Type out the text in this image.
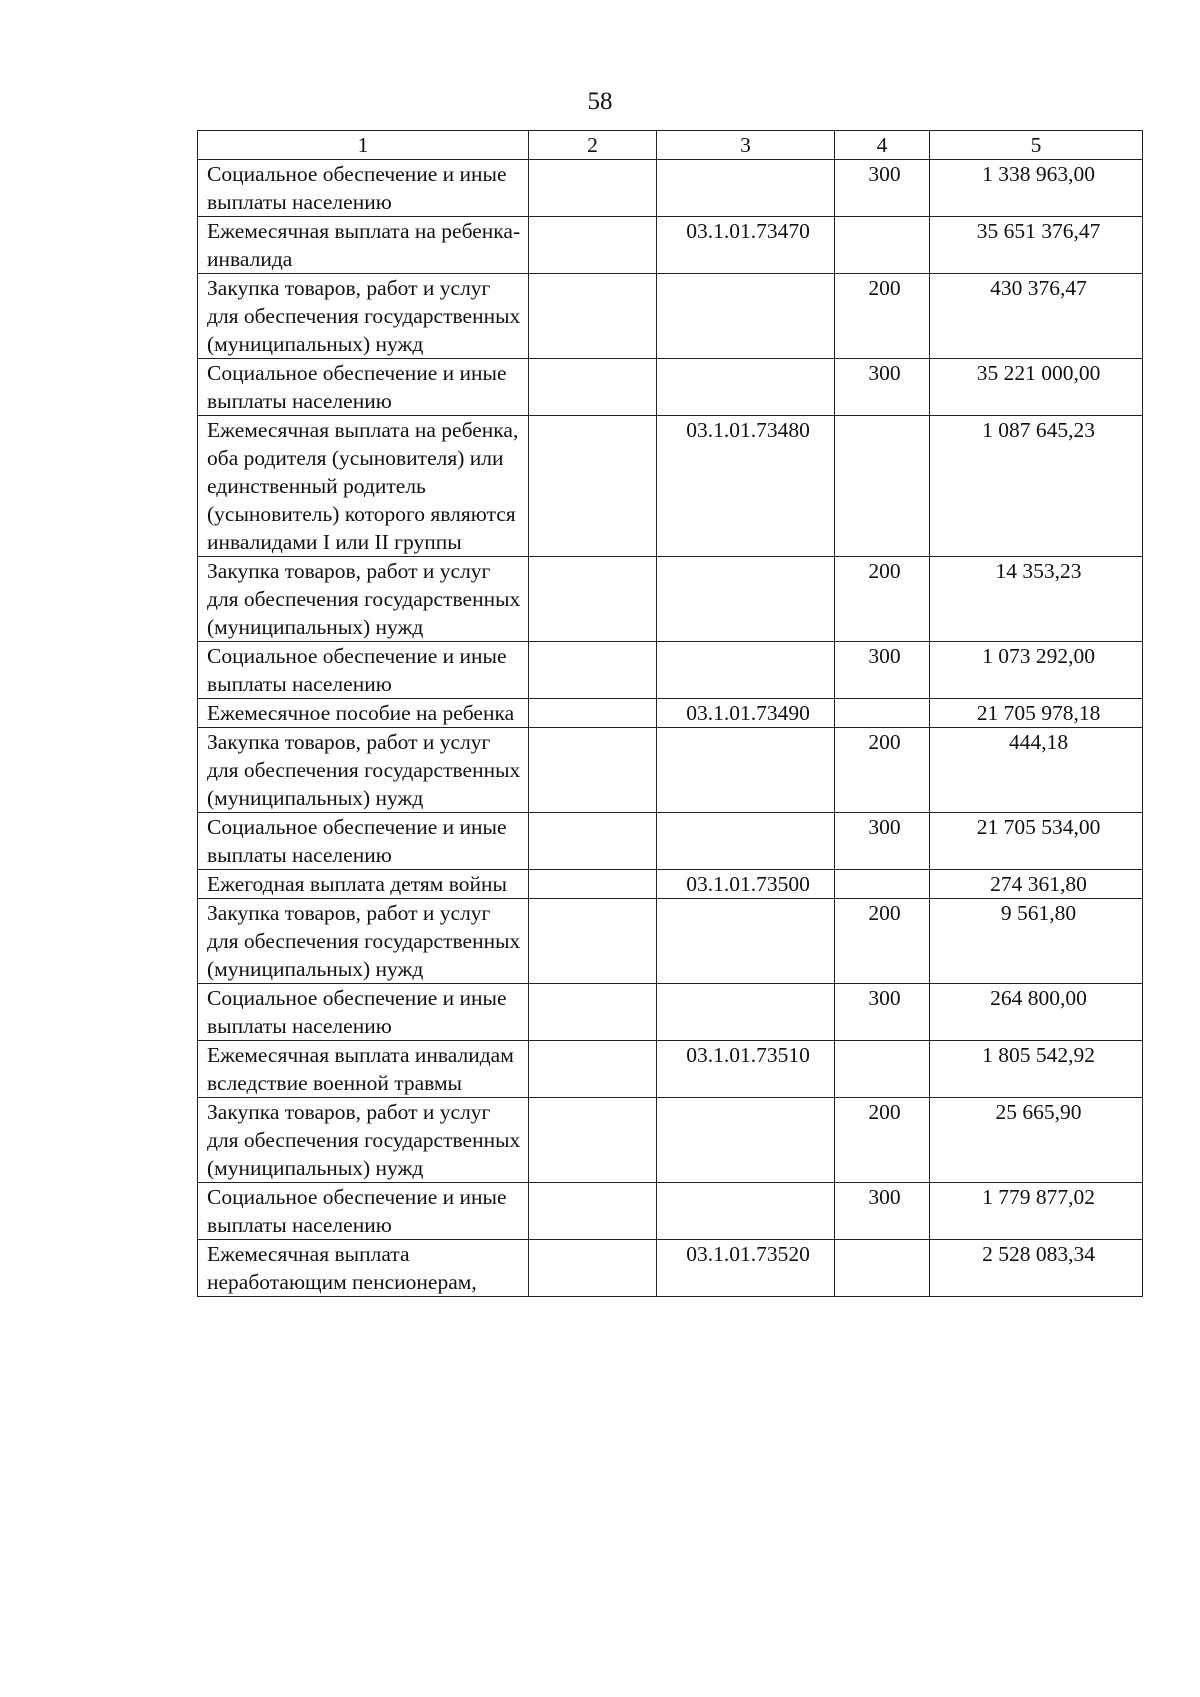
58
1	2	3	4	5
Социальное обеспечение и иные выплаты населению			300	1 338 963,00
Ежемесячная выплата на ребенка-инвалида		03.1.01.73470		35 651 376,47
Закупка товаров, работ и услуг для обеспечения государственных (муниципальных) нужд			200	430 376,47
Социальное обеспечение и иные выплаты населению			300	35 221 000,00
Ежемесячная выплата на ребенка, оба родителя (усыновителя) или единственный родитель (усыновитель) которого являются инвалидами I или II группы		03.1.01.73480		1 087 645,23
Закупка товаров, работ и услуг для обеспечения государственных (муниципальных) нужд			200	14 353,23
Социальное обеспечение и иные выплаты населению			300	1 073 292,00
Ежемесячное пособие на ребенка		03.1.01.73490		21 705 978,18
Закупка товаров, работ и услуг для обеспечения государственных (муниципальных) нужд			200	444,18
Социальное обеспечение и иные выплаты населению			300	21 705 534,00
Ежегодная выплата детям войны		03.1.01.73500		274 361,80
Закупка товаров, работ и услуг для обеспечения государственных (муниципальных) нужд			200	9 561,80
Социальное обеспечение и иные выплаты населению			300	264 800,00
Ежемесячная выплата инвалидам вследствие военной травмы		03.1.01.73510		1 805 542,92
Закупка товаров, работ и услуг для обеспечения государственных (муниципальных) нужд			200	25 665,90
Социальное обеспечение и иные выплаты населению			300	1 779 877,02
Ежемесячная выплата неработающим пенсионерам,		03.1.01.73520		2 528 083,34
